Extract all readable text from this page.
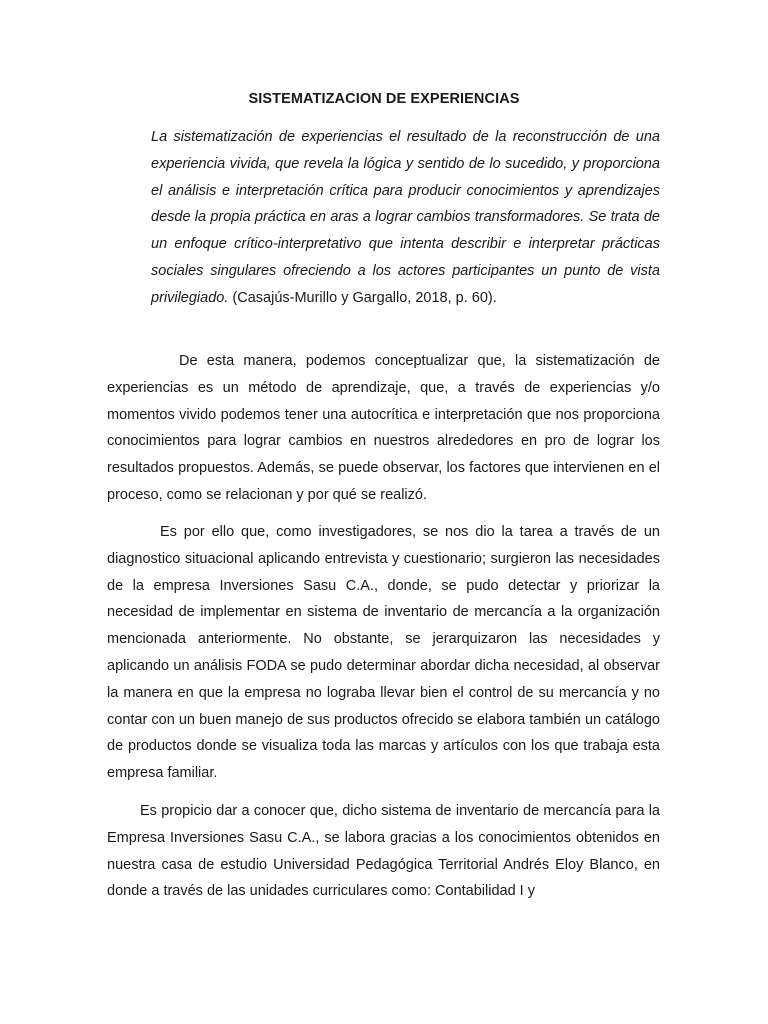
SISTEMATIZACION DE EXPERIENCIAS

La sistematización de experiencias el resultado de la reconstrucción de una experiencia vivida, que revela la lógica y sentido de lo sucedido, y proporciona el análisis e interpretación crítica para producir conocimientos y aprendizajes desde la propia práctica en aras a lograr cambios transformadores. Se trata de un enfoque crítico-interpretativo que intenta describir e interpretar prácticas sociales singulares ofreciendo a los actores participantes un punto de vista privilegiado. (Casajús-Murillo y Gargallo, 2018, p. 60).

De esta manera, podemos conceptualizar que, la sistematización de experiencias es un método de aprendizaje, que, a través de experiencias y/o momentos vivido podemos tener una autocrítica e interpretación que nos proporciona conocimientos para lograr cambios en nuestros alrededores en pro de lograr los resultados propuestos. Además, se puede observar, los factores que intervienen en el proceso, como se relacionan y por qué se realizó.

Es por ello que, como investigadores, se nos dio la tarea a través de un diagnostico situacional aplicando entrevista y cuestionario; surgieron las necesidades de la empresa Inversiones Sasu C.A., donde, se pudo detectar y priorizar la necesidad de implementar en sistema de inventario de mercancía a la organización mencionada anteriormente. No obstante, se jerarquizaron las necesidades y aplicando un análisis FODA se pudo determinar abordar dicha necesidad, al observar la manera en que la empresa no lograba llevar bien el control de su mercancía y no contar con un buen manejo de sus productos ofrecido se elabora también un catálogo de productos donde se visualiza toda las marcas y artículos con los que trabaja esta empresa familiar.

Es propicio dar a conocer que, dicho sistema de inventario de mercancía para la Empresa Inversiones Sasu C.A., se labora gracias a los conocimientos obtenidos en nuestra casa de estudio Universidad Pedagógica Territorial Andrés Eloy Blanco, en donde a través de las unidades curriculares como: Contabilidad I y
